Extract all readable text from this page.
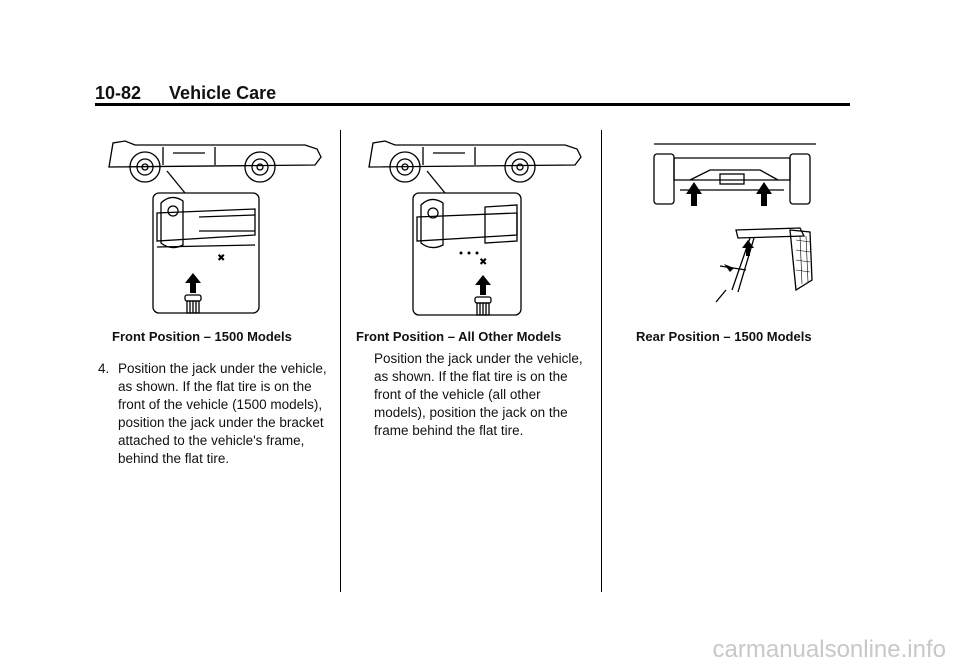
10-82 Vehicle Care
✖
Front Position – 1500 Models
✖
Front Position – All Other Models	Rear Position – 1500 Models
4. Position the jack under the vehicle, as shown. If the flat tire is on the front of the vehicle (1500 models), position the jack under the bracket attached to the vehicle's frame, behind the flat tire.
Position the jack under the vehicle, as shown. If the flat tire is on the front of the vehicle (all other models), position the jack on the frame behind the flat tire.
carmanualsonline.info
